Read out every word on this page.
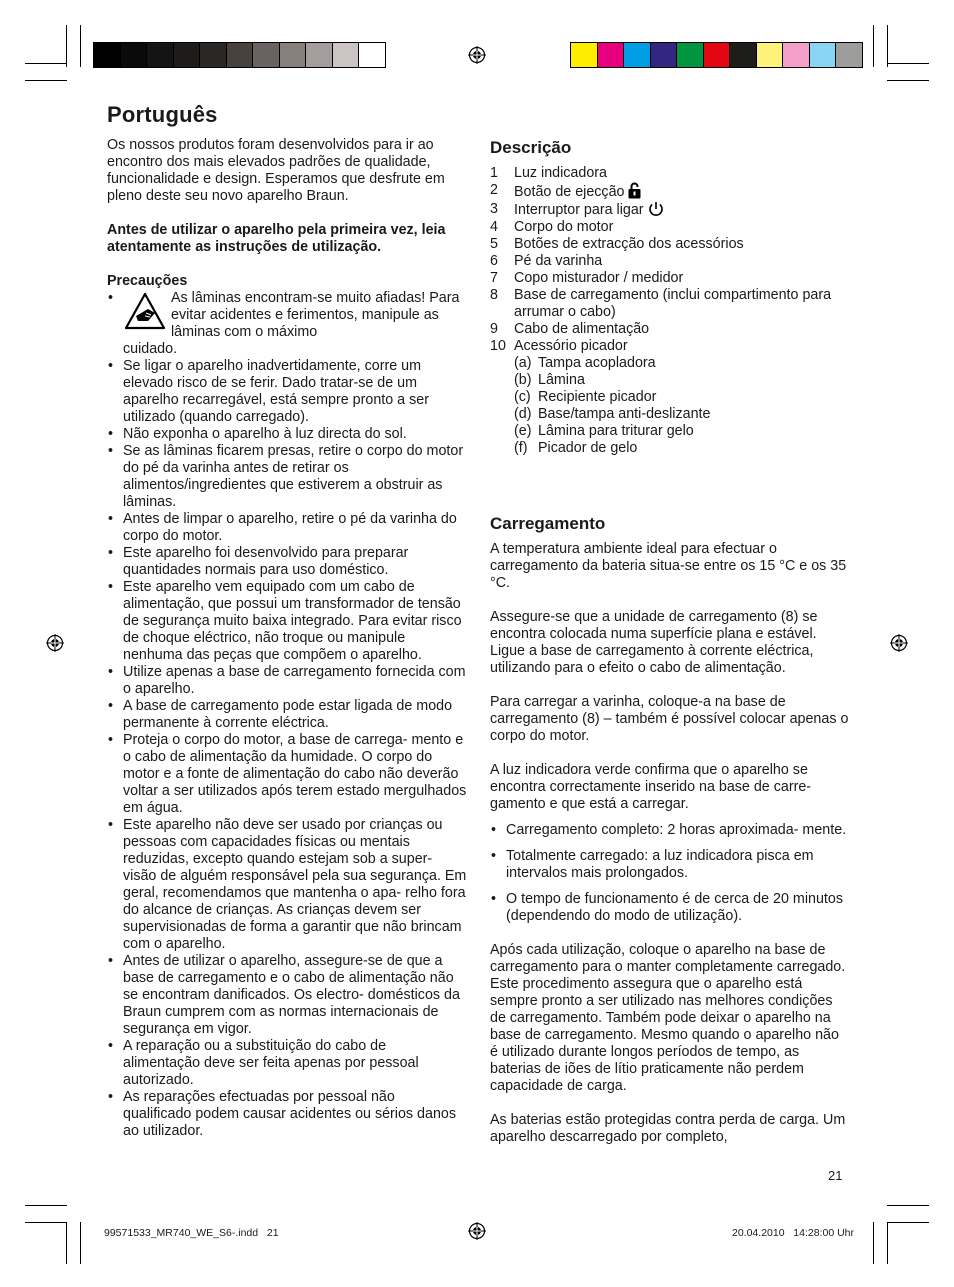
Português

Os nossos produtos foram desenvolvidos para ir ao encontro dos mais elevados padrões de qualidade, funcionalidade e design. Esperamos que desfrute em pleno deste seu novo aparelho Braun.

Antes de utilizar o aparelho pela primeira vez, leia atentamente as instruções de utilização.

Precauções

•	As lâminas encontram-se muito afiadas! Para evitar acidentes e ferimentos, manipule as lâminas com o máximo
cuidado.
• Se ligar o aparelho inadvertidamente, corre um elevado risco de se ferir. Dado tratar-se de um aparelho recarregável, está sempre pronto a ser utilizado (quando carregado).
• Não exponha o aparelho à luz directa do sol.
• Se as lâminas ficarem presas, retire o corpo do motor do pé da varinha antes de retirar os alimentos/ingredientes que estiverem a obstruir as lâminas.
• Antes de limpar o aparelho, retire o pé da varinha do corpo do motor.
• Este aparelho foi desenvolvido para preparar quantidades normais para uso doméstico.
• Este aparelho vem equipado com um cabo de alimentação, que possui um transformador de tensão de segurança muito baixa integrado. Para evitar risco de choque eléctrico, não troque ou manipule nenhuma das peças que compõem o aparelho.
• Utilize apenas a base de carregamento fornecida com o aparelho.
• A base de carregamento pode estar ligada de modo permanente à corrente eléctrica.
• Proteja o corpo do motor, a base de carrega- mento e o cabo de alimentação da humidade. O corpo do motor e a fonte de alimentação do cabo não deverão voltar a ser utilizados após terem estado mergulhados em água.
• Este aparelho não deve ser usado por crianças ou pessoas com capacidades físicas ou mentais reduzidas, excepto quando estejam sob a super- visão de alguém responsável pela sua segurança. Em geral, recomendamos que mantenha o apa- relho fora do alcance de crianças. As crianças devem ser supervisionadas de forma a garantir que não brincam com o aparelho.
• Antes de utilizar o aparelho, assegure-se de que a base de carregamento e o cabo de alimentação não se encontram danificados. Os electro- domésticos da Braun cumprem com as normas internacionais de segurança em vigor.
• A reparação ou a substituição do cabo de alimentação deve ser feita apenas por pessoal autorizado.
• As reparações efectuadas por pessoal não qualificado podem causar acidentes ou sérios danos ao utilizador.
Descrição
1 Luz indicadora
2 Botão de ejecção
3 Interruptor para ligar
4 Corpo do motor
5 Botões de extracção dos acessórios
6 Pé da varinha
7 Copo misturador / medidor
8 Base de carregamento (inclui compartimento para arrumar o cabo)
9 Cabo de alimentação
10 Acessório picador
(a) Tampa acopladora
(b) Lâmina
(c) Recipiente picador
(d) Base/tampa anti-deslizante
(e) Lâmina para triturar gelo
(f) Picador de gelo
Carregamento

A temperatura ambiente ideal para efectuar o carregamento da bateria situa-se entre os 15 °C e os 35 °C.

Assegure-se que a unidade de carregamento (8) se encontra colocada numa superfície plana e estável. Ligue a base de carregamento à corrente eléctrica, utilizando para o efeito o cabo de alimentação.

Para carregar a varinha, coloque-a na base de carregamento (8) – também é possível colocar apenas o corpo do motor.

A luz indicadora verde confirma que o aparelho se encontra correctamente inserido na base de carre- gamento e que está a carregar.

• Carregamento completo: 2 horas aproximada- mente.
• Totalmente carregado: a luz indicadora pisca em intervalos mais prolongados.
• O tempo de funcionamento é de cerca de 20 minutos (dependendo do modo de utilização).

Após cada utilização, coloque o aparelho na base de carregamento para o manter completamente carregado. Este procedimento assegura que o aparelho está sempre pronto a ser utilizado nas melhores condições de carregamento. Também pode deixar o aparelho na base de carregamento. Mesmo quando o aparelho não é utilizado durante longos períodos de tempo, as baterias de iões de lítio praticamente não perdem capacidade de carga.

As baterias estão protegidas contra perda de carga. Um aparelho descarregado por completo,

21
99571533_MR740_WE_S6-.indd   21	20.04.2010   14:28:00 Uhr
